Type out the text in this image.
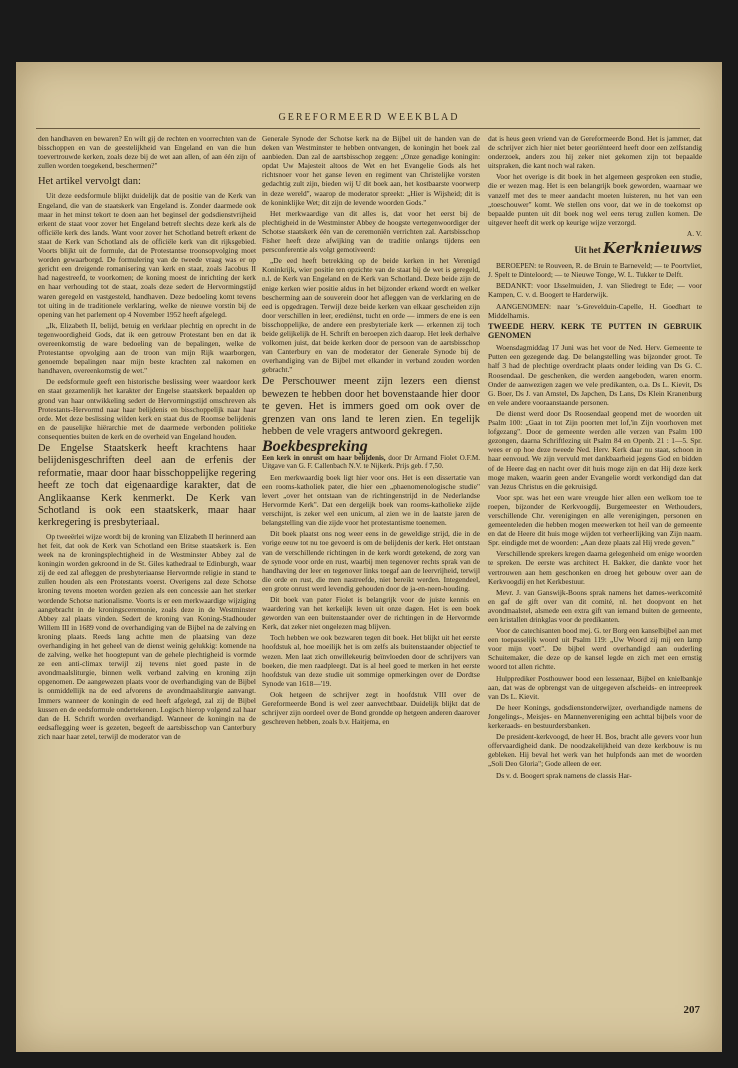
GEREFORMEERD WEEKBLAD

den handhaven en bewaren? En wilt gij de rechten en voorrechten van de bisschoppen en van de geestelijkheid van Engeland en van die hun toevertrouwde kerken, zoals deze bij de wet aan allen, of aan één zijn of zullen worden toegekend, beschermen?"

Het artikel vervolgt dan:

Uit deze eedsformule blijkt duidelijk dat de positie van de Kerk van Engeland, die van de staatskerk van Engeland is. Zonder daarmede ook maar in het minst tekort te doen aan het beginsel der godsdienstvrijheid erkent de staat voor zover het Engeland betreft slechts deze kerk als de officiële kerk des lands. Want voor zover het Schotland betreft erkent de staat de Kerk van Schotland als de officiële kerk van dit rijksgebied. Voorts blijkt uit de formule, dat de Protestantse troonsopvolging moet worden gewaarborgd. De formulering van de tweede vraag was er op gericht een dreigende romanisering van kerk en staat, zoals Jacobus II had nagestreefd, te voorkomen; de koning moest de inrichting der kerk en haar verhouding tot de staat, zoals deze sedert de Hervormingstijd waren geregeld en vastgesteld, handhaven. Deze bedoeling komt tevens tot uiting in de traditionele verklaring, welke de nieuwe vorstin bij de opening van het parlement op 4 November 1952 heeft afgelegd.

„Ik, Elizabeth II, belijd, betuig en verklaar plechtig en oprecht in de tegenwoordigheid Gods, dat ik een getrouw Protestant ben en dat ik overeenkomstig de ware bedoeling van de bepalingen, welke de Protestantse opvolging aan de troon van mijn Rijk waarborgen, genoemde bepalingen naar mijn beste krachten zal nakomen en handhaven, overeenkomstig de wet."

De eedsformule geeft een historische beslissing weer waardoor kerk en staat gezamenlijk het karakter der Engelse staatskerk bepaalden op grond van haar ontwikkeling sedert de Hervormingstijd omschreven als Protestants-Hervormd naar haar belijdenis en bisschoppelijk naar haar orde. Met deze beslissing wilden kerk en staat dus de Roomse belijdenis en de pauselijke hiërarchie met de daarmede verbonden politieke consequenties buiten de kerk en de overheid van Engeland houden.

De Engelse Staatskerk heeft krachtens haar belijdenisgeschriften deel aan de erfenis der reformatie, maar door haar bisschoppelijke regering heeft ze toch dat eigenaardige karakter, dat de Anglikaanse Kerk kenmerkt. De Kerk van Schotland is ook een staatskerk, maar haar kerkregering is presbyteriaal.

Op tweeërlei wijze wordt bij de kroning van Elizabeth II herinnerd aan het feit, dat ook de Kerk van Schotland een Britse staatskerk is. Een week na de kroningsplechtigheid in de Westminster Abbey zal de koningin worden gekroond in de St. Giles kathedraal te Edinburgh, waar zij de eed zal afleggen de presbyteriaanse Hervormde religie in stand te zullen houden als een Protestants voerst. Overigens zal deze Schotse kroning tevens moeten worden gezien als een concessie aan het sterker wordende Schotse nationalisme. Voorts is er een merkwaardige wijziging aangebracht in de kroningsceremonie, zoals deze in de Westminster Abbey zal plaats vinden. Sedert de kroning van Koning-Stadhouder Willem III in 1689 vond de overhandiging van de Bijbel na de zalving en kroning plaats. Reeds lang achtte men de plaatsing van deze overhandiging in het geheel van de dienst weinig gelukkig: komende na de zalving, welke het hoogtepunt van de gehele plechtigheid is vormde ze een anti-climax terwijl zij tevens niet goed paste in de avondmaalsliturgie, binnen welk verband zalving en kroning zijn opgenomen. De aangewezen plaats voor de overhandiging van de Bijbel is onmiddellijk na de eed afvorens de avondmaalsliturgie aanvangt. Immers wanneer de koningin de eed heeft afgelegd, zal zij de Bijbel kussen en de eedsformule ondertekenen. Logisch hierop volgend zal haar dan de H. Schrift worden overhandigd. Wanneer de koningin na de eedsaflegging weer is gezeten, begeeft de aartsbisschop van Canterbury zich naar haar zetel, terwijl de moderator van de

Generale Synode der Schotse kerk na de Bijbel uit de handen van de deken van Westminster te hebben ontvangen, de koningin het boek zal aanbieden. Dan zal de aartsbisschop zeggen: „Onze genadige koningin: opdat Uw Majesteit altoos de Wet en het Evangelie Gods als het richtsnoer voor het ganse leven en regiment van Christelijke vorsten gedachtig zult zijn, bieden wij U dit boek aan, het kostbaarste voorwerp in deze wereld", waarop de moderator spreekt: „Hier is Wijsheid; dit is de koninklijke Wet; dit zijn de levende woorden Gods."

Het merkwaardige van dit alles is, dat voor het eerst bij de plechtigheid in de Westminster Abbey de hoogste vertegenwoordiger der Schotse staatskerk één van de ceremoniën verrichten zal. Aartsbisschop Fisher heeft deze afwijking van de traditie onlangs tijdens een persconferentie als volgt gemotiveerd:

„De eed heeft betrekking op de beide kerken in het Verenigd Koninkrijk, wier positie ten opzichte van de staat bij de wet is geregeld, n.l. de Kerk van Engeland en de Kerk van Schotland. Deze beide zijn de enige kerken wier positie aldus in het bijzonder erkend wordt en welker bescherming aan de souverein door het afleggen van de verklaring en de eed is opgedragen. Terwijl deze beide kerken van elkaar gescheiden zijn door verschillen in leer, erediénst, tucht en orde — immers de ene is een bisschoppelijke, de andere een presbyteriale kerk — erkennen zij toch beide gelijkelijk de H. Schrift en beroepen zich daarop. Het leek derhalve volkomen juist, dat beide kerken door de persoon van de aartsbisschop van Canterbury en van de moderator der Generale Synode bij de overhandiging van de Bijbel met elkander in verband zouden worden gebracht."

De Perschouwer meent zijn lezers een dienst bewezen te hebben door het bovenstaande hier door te geven. Het is immers goed om ook over de grenzen van ons land te leren zien. En tegelijk hebben de vele vragers antwoord gekregen.

Boekbespreking

Een kerk in onrust om haar belijdenis, door Dr Armand Fiolet O.F.M. Uitgave van G. F. Callenbach N.V. te Nijkerk. Prijs geb. f 7,50.

Een merkwaardig boek ligt hier voor ons. Het is een dissertatie van een rooms-katholiek pater, die hier een „phaenomenologische studie" levert „over het ontstaan van de richtingenstrijd in de Nederlandse Hervormde Kerk". Dat een dergelijk boek van rooms-katholieke zijde verschijnt, is zeker wel een unicum, al zien we in de laatste jaren de belangstelling van die zijde voor het protestantisme toenemen.

Dit boek plaatst ons nog weer eens in de geweldige strijd, die in de vorige eeuw tot nu toe gevoerd is om de belijdenis der kerk. Het ontstaan van de verschillende richtingen in de kerk wordt getekend, de zorg van de synode voor orde en rust, waarbij men tegenover rechts sprak van de handhaving der leer en tegenover links toegaf aan de leervrijheid, terwijl die orde en rust, die men nastreefde, niet bereikt werden. Integendeel, een grote onrust werd levendig gehouden door de ja-en-neen-houding.

Dit boek van pater Fiolet is belangrijk voor de juiste kennis en waardering van het kerkelijk leven uit onze dagen. Het is een boek geworden van een buitenstaander over de richtingen in de Hervormde Kerk, dat zeker niet ongelezen mag blijven.

Toch hebben we ook bezwaren tegen dit boek. Het blijkt uit het eerste hoofdstuk al, hoe moeilijk het is om zelfs als buitenstaander objectief te wezen. Men laat zich onwillekeurig beïnvloeden door de schrijvers van boeken, die men raadpleegt. Dat is al heel goed te merken in het eerste hoofdstuk van deze studie uit sommige opmerkingen over de Dordtse Synode van 1618—'19.

Ook hetgeen de schrijver zegt in hoofdstuk VIII over de Gereformeerde Bond is wel zeer aanvechtbaar. Duidelijk blijkt dat de schrijver zijn oordeel over de Bond grondde op hetgeen anderen daarover geschreven hebben, zoals b.v. Haitjema, en

dat is heus geen vriend van de Gereformeerde Bond. Het is jammer, dat de schrijver zich hier niet beter georiënteerd heeft door een zelfstandig onderzoek, anders zou hij zeker niet gekomen zijn tot bepaalde uitspraken, die kant noch wal raken.

Voor het overige is dit boek in het algemeen gesproken een studie, die er wezen mag. Het is een belangrijk boek geworden, waarnaar we vanzelf met des te meer aandacht moeten luisteren, nu het van een „toeschouwer" komt. We stellen ons voor, dat we in de toekomst op bepaalde punten uit dit boek nog wel eens terug zullen komen. De uitgever heeft dit werk op keurige wijze verzorgd.

A. V.

Uit het Kerknieuws

BEROEPEN: te Rouveen, R. de Bruin te Barneveld; — te Poortvliet, J. Spelt te Dinteloord; — te Nieuwe Tonge, W. L. Tukker te Delft.

BEDANKT: voor IJsselmuiden, J. van Sliedregt te Ede; — voor Kampen, C. v. d. Boogert te Harderwijk.

AANGENOMEN: naar 's-Grevelduin-Capelle, H. Goedhart te Middelharnis.

TWEEDE HERV. KERK TE PUTTEN IN GEBRUIK GENOMEN

Woensdagmiddag 17 Juni was het voor de Ned. Herv. Gemeente te Putten een gezegende dag. De belangstelling was bijzonder groot. Te half 3 had de plechtige overdracht plaats onder leiding van Ds G. C. Roosendaal. De geschenken, die werden aangeboden, waren enorm. Onder de aanwezigen zagen we vele predikanten, o.a. Ds L. Kievit, Ds G. Boer, Ds J. van Amstel, Ds Japchen, Ds Lans, Ds Klein Kranenburg en vele andere vooraanstaande personen.

De dienst werd door Ds Roosendaal geopend met de woorden uit Psalm 100: „Gaat in tot Zijn poorten met lof,'in Zijn voorhoven met lofgezang". Door de gemeente werden alle verzen van Psalm 100 gezongen, daarna Schriftlezing uit Psalm 84 en Openb. 21 : 1—5. Spr. wees er op hoe deze tweede Ned. Herv. Kerk daar nu staat, schoon in haar eenvoud. We zijn vervuld met dankbaarheid jegens God en bidden of de Heere dag en nacht over dit huis moge zijn en dat Hij deze kerk moge maken, waarin geen ander Evangelie wordt verkondigd dan dat van Jezus Christus en die gekruisigd.

Voor spr. was het een ware vreugde hier allen een welkom toe te roepen, bijzonder de Kerkvoogdij, Burgemeester en Wethouders, verschillende Chr. verenigingen en alle verenigingen, personen en gemeenteleden die hebben mogen meewerken tot heil van de gemeente en dat de Heere dit huis moge wijden tot verheerlijking van Zijn naam. Spr. eindigde met de woorden: „Aan deze plaats zal Hij vrede geven."

Verschillende sprekers kregen daarna gelegenheid om enige woorden te spreken. De eerste was architect H. Bakker, die dankte voor het vertrouwen aan hem geschonken en droeg het gebouw over aan de Kerkvoogdij en het Kerkbestuur.

Mevr. J. van Ganswijk-Boons sprak namens het dames-werkcomité en gaf de gift over van dit comité, nl. het doopvont en het avondmaalstel, alsmede een extra gift van iemand buiten de gemeente, een kristallen drinkglas voor de predikanten.

Voor de catechisanten bood mej. G. ter Borg een kanselbijbel aan met een toepasselijk woord uit Psalm 119: „Uw Woord zij mij een lamp voor mijn voet". De bijbel werd overhandigd aan ouderling Schuitemaker, die deze op de kansel legde en zich met een ernstig woord tot allen richtte.

Hulpprediker Posthouwer bood een lessenaar, Bijbel en knielbankje aan, dat was de opbrengst van de uitgegeven afscheids- en intreepreek van Ds L. Kievit.

De heer Konings, godsdienstonderwijzer, overhandigde namens de Jongelings-, Meisjes- en Mannenvereniging een achttal bijbels voor de kerkeraads- en bestuurdersbanken.

De president-kerkvoogd, de heer H. Bos, bracht alle gevers voor hun offervaardigheid dank. De noodzakelijkheid van deze kerkbouw is nu gebleken. Hij beval het werk van het hulpfonds aan met de woorden „Soli Deo Gloria"; Gode alleen de eer.

Ds v. d. Boogert sprak namens de classis Har-

207
